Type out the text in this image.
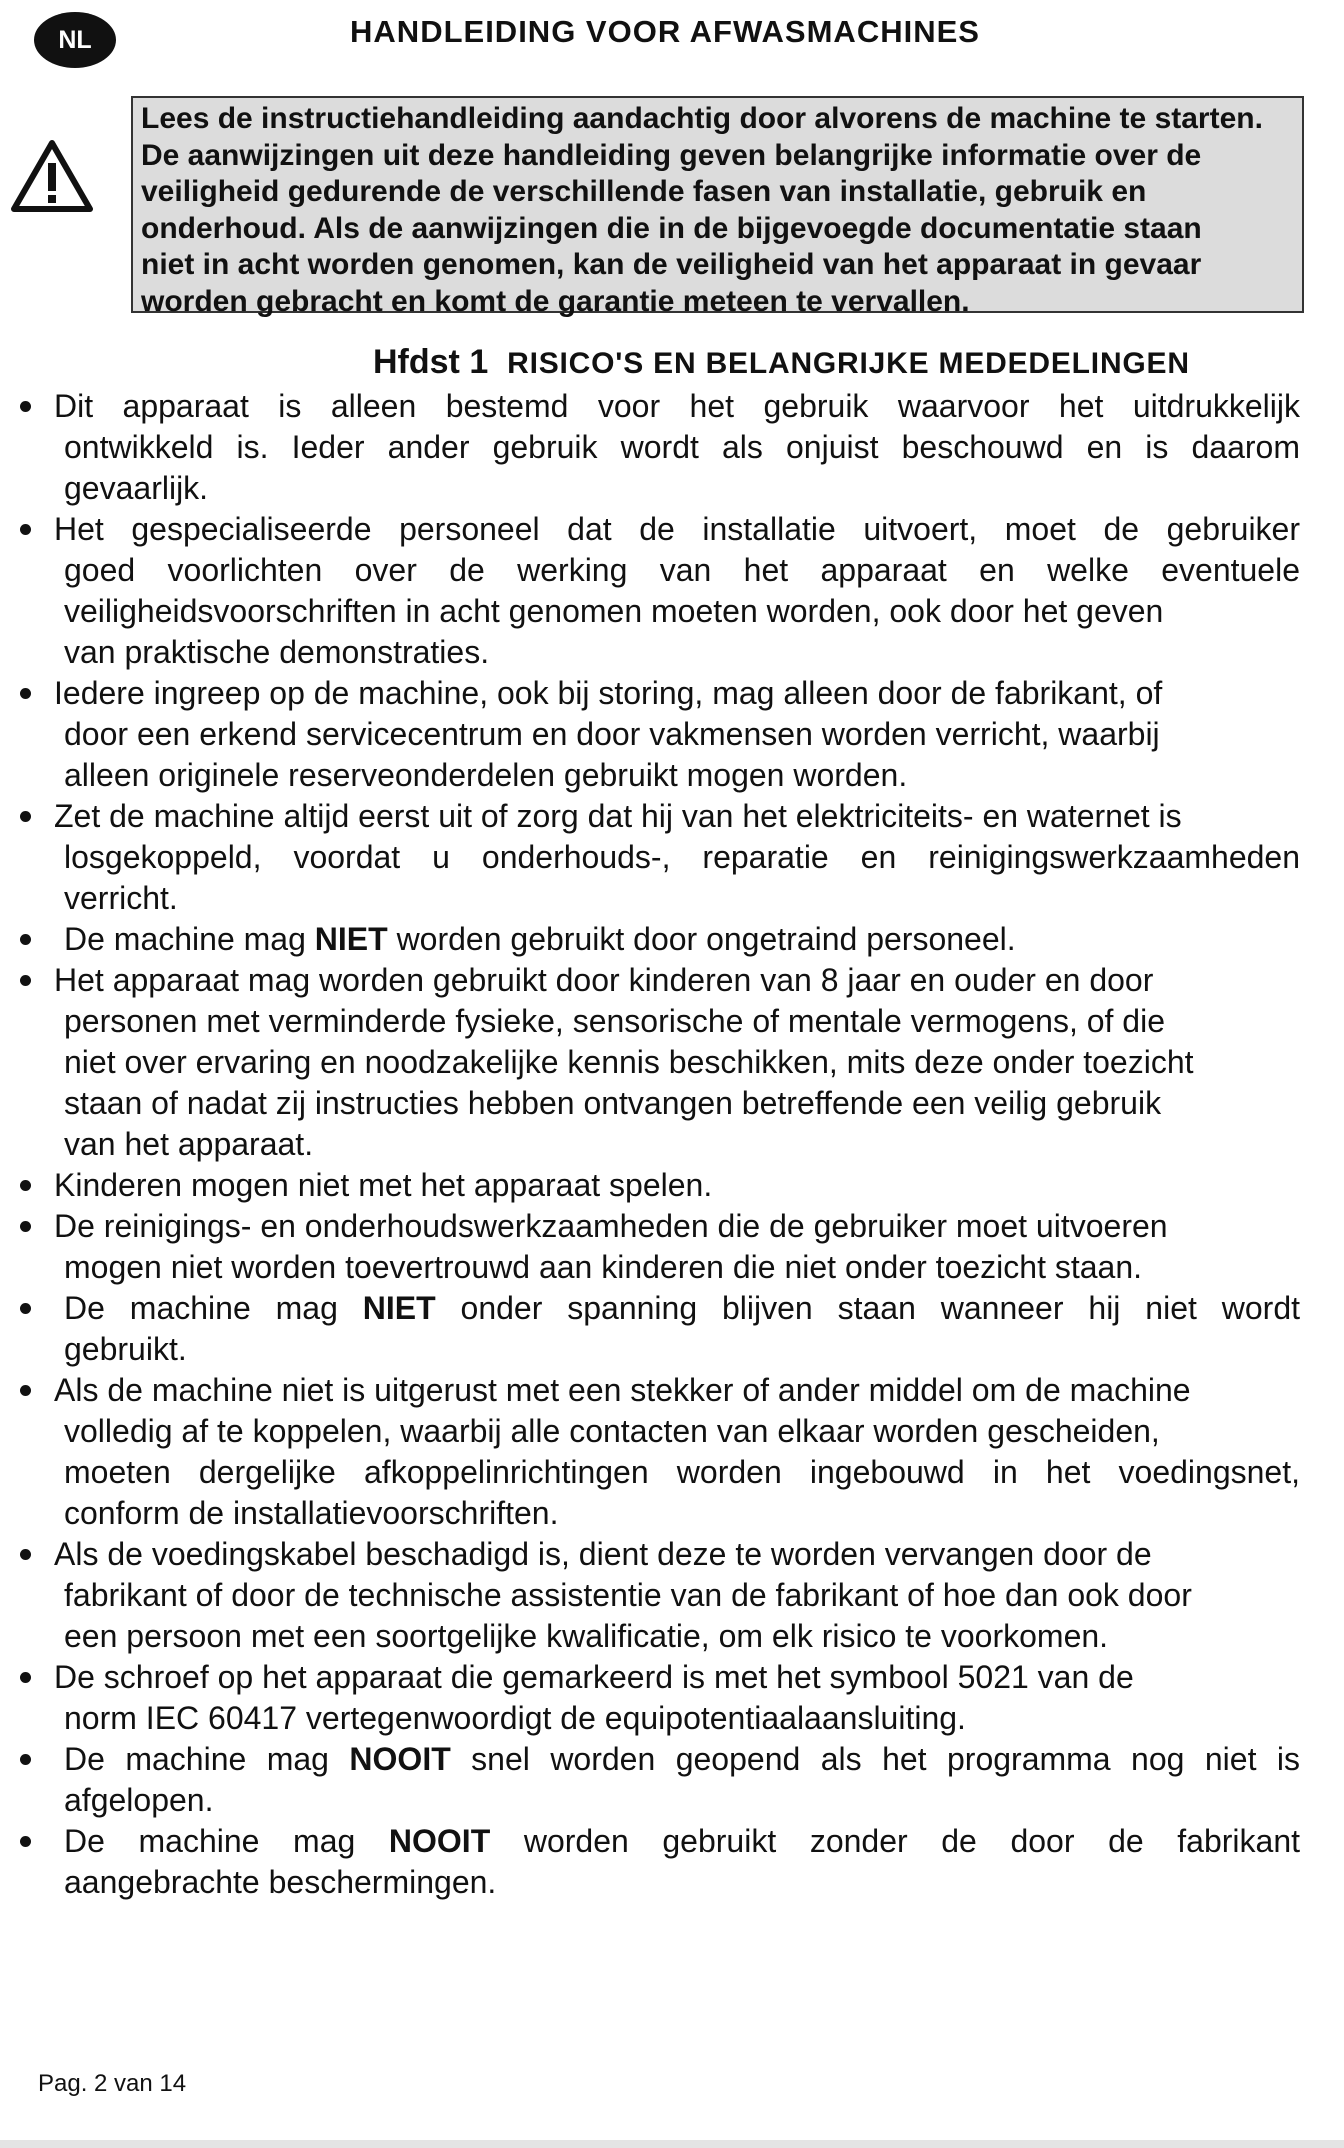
NL	HANDLEIDING VOOR AFWASMACHINES
Lees de instructiehandleiding aandachtig door alvorens de machine te starten.
De aanwijzingen uit deze handleiding geven belangrijke informatie over de
veiligheid gedurende de verschillende fasen van installatie, gebruik en
onderhoud. Als de aanwijzingen die in de bijgevoegde documentatie staan
niet in acht worden genomen, kan de veiligheid van het apparaat in gevaar
worden gebracht en komt de garantie meteen te vervallen.
Hfdst 1 RISICO'S EN BELANGRIJKE MEDEDELINGEN
Dit apparaat is alleen bestemd voor het gebruik waarvoor het uitdrukkelijk
ontwikkeld is. Ieder ander gebruik wordt als onjuist beschouwd en is daarom
gevaarlijk.
Het gespecialiseerde personeel dat de installatie uitvoert, moet de gebruiker
goed voorlichten over de werking van het apparaat en welke eventuele
veiligheidsvoorschriften in acht genomen moeten worden, ook door het geven
van praktische demonstraties.
Iedere ingreep op de machine, ook bij storing, mag alleen door de fabrikant, of
door een erkend servicecentrum en door vakmensen worden verricht, waarbij
alleen originele reserveonderdelen gebruikt mogen worden.
Zet de machine altijd eerst uit of zorg dat hij van het elektriciteits- en waternet is
losgekoppeld, voordat u onderhouds-, reparatie en reinigingswerkzaamheden
verricht.
De machine mag NIET worden gebruikt door ongetraind personeel.
Het apparaat mag worden gebruikt door kinderen van 8 jaar en ouder en door
personen met verminderde fysieke, sensorische of mentale vermogens, of die
niet over ervaring en noodzakelijke kennis beschikken, mits deze onder toezicht
staan of nadat zij instructies hebben ontvangen betreffende een veilig gebruik
van het apparaat.
Kinderen mogen niet met het apparaat spelen.
De reinigings- en onderhoudswerkzaamheden die de gebruiker moet uitvoeren
mogen niet worden toevertrouwd aan kinderen die niet onder toezicht staan.
De machine mag NIET onder spanning blijven staan wanneer hij niet wordt
gebruikt.
Als de machine niet is uitgerust met een stekker of ander middel om de machine
volledig af te koppelen, waarbij alle contacten van elkaar worden gescheiden,
moeten dergelijke afkoppelinrichtingen worden ingebouwd in het voedingsnet,
conform de installatievoorschriften.
Als de voedingskabel beschadigd is, dient deze te worden vervangen door de
fabrikant of door de technische assistentie van de fabrikant of hoe dan ook door
een persoon met een soortgelijke kwalificatie, om elk risico te voorkomen.
De schroef op het apparaat die gemarkeerd is met het symbool 5021 van de
norm IEC 60417 vertegenwoordigt de equipotentiaalaansluiting.
De machine mag NOOIT snel worden geopend als het programma nog niet is
afgelopen.
De machine mag NOOIT worden gebruikt zonder de door de fabrikant
aangebrachte beschermingen.
Pag. 2 van 14
